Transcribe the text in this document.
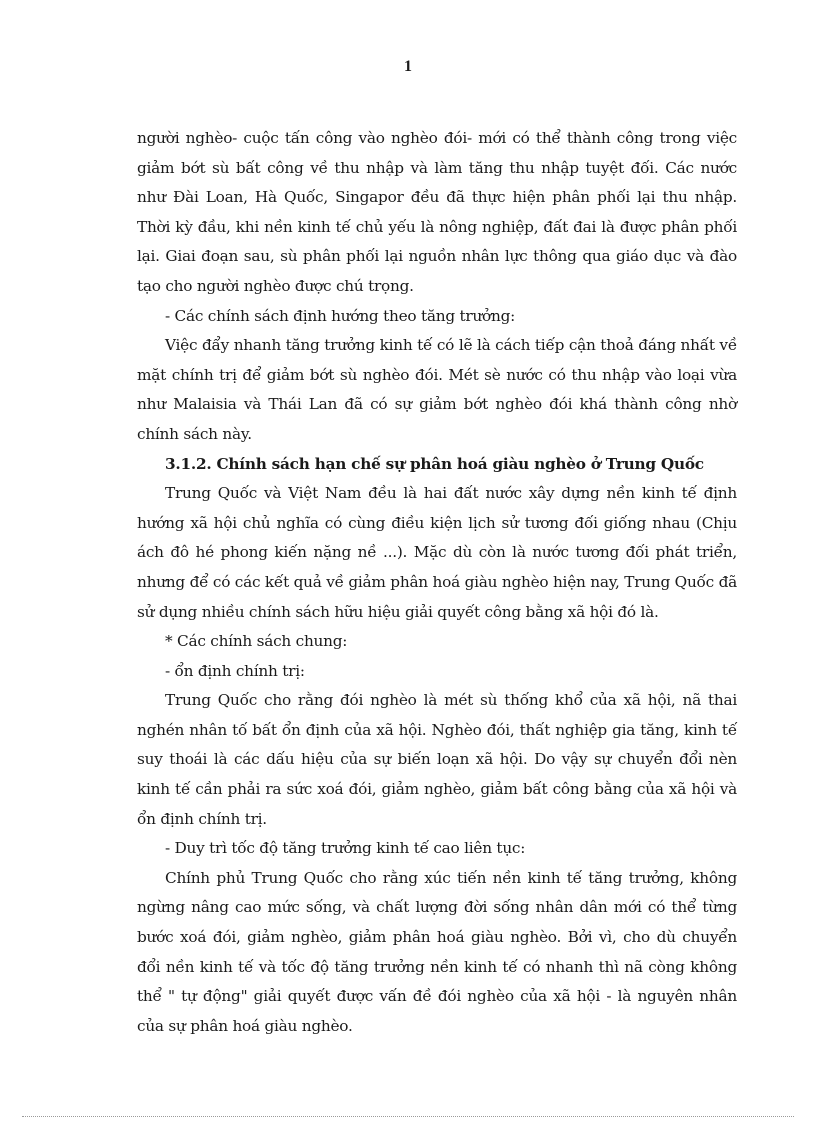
1

người nghèo- cuộc tấn công vào nghèo đói- mới có thể thành công trong việc giảm bớt sù bất công về thu nhập và làm tăng thu nhập tuyệt đối. Các nước như Đài Loan, Hà Quốc, Singapor đều đã thực hiện phân phối lại thu nhập. Thời kỳ đầu, khi nền kinh tế chủ yếu là nông nghiệp, đất đai là được phân phối lại. Giai đoạn sau, sù phân phối lại nguồn nhân lực thông qua giáo dục và đào tạo cho người nghèo được chú trọng.

- Các chính sách định hướng theo tăng trưởng:

Việc đẩy nhanh tăng trưởng kinh tế có lẽ là cách tiếp cận thoả đáng nhất về mặt chính trị để giảm bớt sù nghèo đói. Mét sè nước có thu nhập vào loại vừa như Malaisia và Thái Lan đã có sự giảm bớt nghèo đói khá thành công nhờ chính sách này.

3.1.2. Chính sách hạn chế sự phân hoá giàu nghèo ở Trung Quốc

Trung Quốc và Việt Nam đều là hai đất nước xây dựng nền kinh tế định hướng xã hội chủ nghĩa có cùng điều kiện lịch sử tương đối giống nhau (Chịu ách đô hé phong kiến nặng nề ...). Mặc dù còn là nước tương đối phát triển, nhưng để có các kết quả về giảm phân hoá giàu nghèo hiện nay, Trung Quốc đã sử dụng nhiều chính sách hữu hiệu giải quyết công bằng xã hội đó là.

* Các chính sách chung:

- ổn định chính trị:

Trung Quốc cho rằng đói nghèo là mét sù thống khổ của xã hội, nã thai nghén nhân tố bất ổn định của xã hội. Nghèo đói, thất nghiệp gia tăng, kinh tế suy thoái là các dấu hiệu của sự biến loạn xã hội. Do vậy sự chuyển đổi nèn kinh tế cần phải ra sức xoá đói, giảm nghèo, giảm bất công bằng của xã hội và ổn định chính trị.

- Duy trì tốc độ tăng trưởng kinh tế cao liên tục:

Chính phủ Trung Quốc cho rằng xúc tiến nền kinh tế tăng trưởng, không ngừng nâng cao mức sống, và chất lượng đời sống nhân dân mới có thể từng bước xoá đói, giảm nghèo, giảm phân hoá giàu nghèo. Bởi vì, cho dù chuyển đổi nền kinh tế và tốc độ tăng trưởng nền kinh tế có nhanh thì nã còng không thể " tự động" giải quyết được vấn đề đói nghèo của xã hội - là nguyên nhân của sự phân hoá giàu nghèo.
